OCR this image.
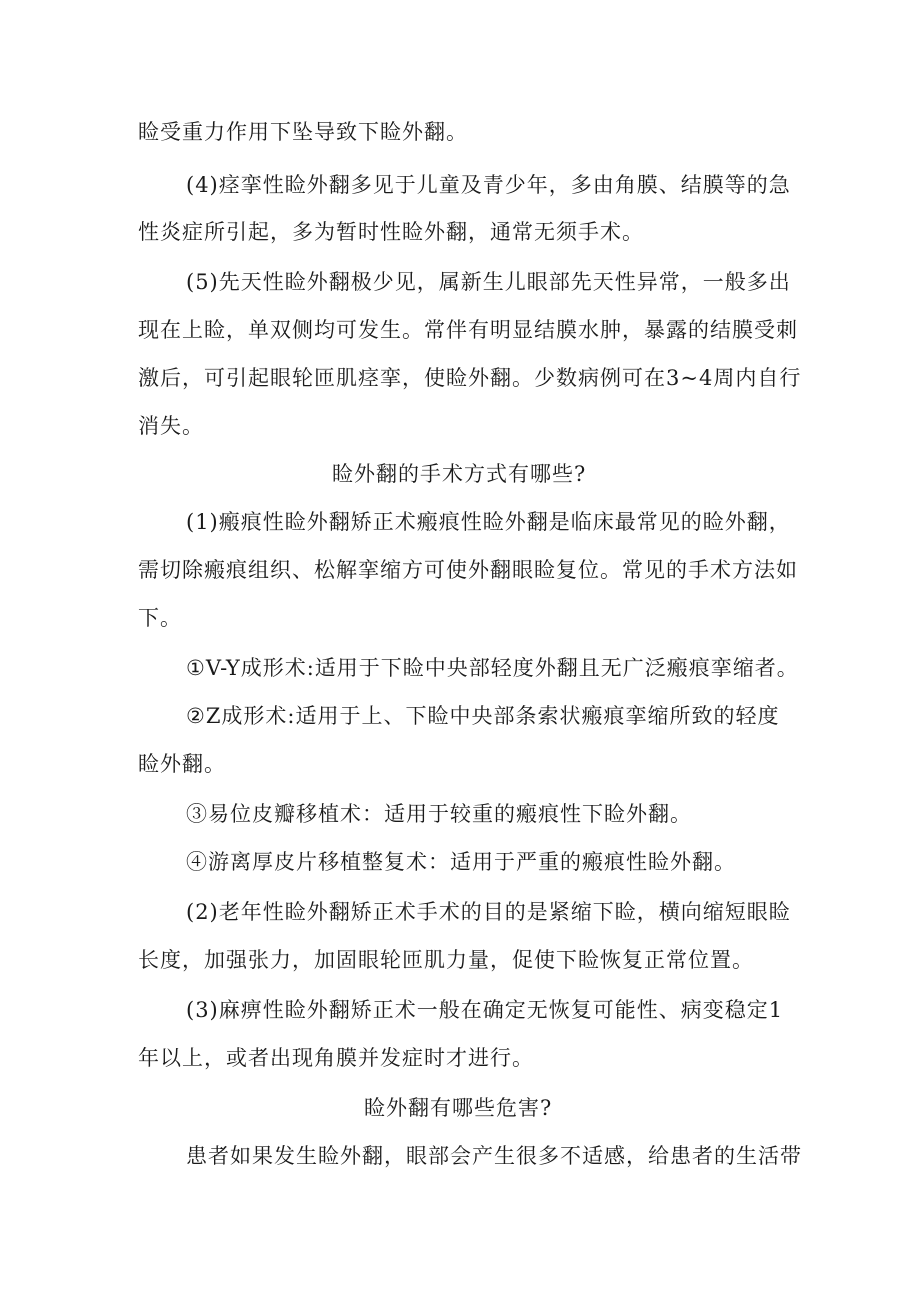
睑受重力作用下坠导致下睑外翻。
(4)痉挛性睑外翻多见于儿童及青少年，多由角膜、结膜等的急
性炎症所引起，多为暂时性睑外翻，通常无须手术。
(5)先天性睑外翻极少见，属新生儿眼部先天性异常，一般多出
现在上睑，单双侧均可发生。常伴有明显结膜水肿，暴露的结膜受刺
激后，可引起眼轮匝肌痉挛，使睑外翻。少数病例可在3~4周内自行
消失。
睑外翻的手术方式有哪些?
(1)瘢痕性睑外翻矫正术瘢痕性睑外翻是临床最常见的睑外翻，
需切除瘢痕组织、松解挛缩方可使外翻眼睑复位。常见的手术方法如
下。
①V-Y成形术:适用于下睑中央部轻度外翻且无广泛瘢痕挛缩者。
②Z成形术:适用于上、下睑中央部条索状瘢痕挛缩所致的轻度
睑外翻。
③易位皮瓣移植术：适用于较重的瘢痕性下睑外翻。
④游离厚皮片移植整复术：适用于严重的瘢痕性睑外翻。
(2)老年性睑外翻矫正术手术的目的是紧缩下睑，横向缩短眼睑
长度，加强张力，加固眼轮匝肌力量，促使下睑恢复正常位置。
(3)麻痹性睑外翻矫正术一般在确定无恢复可能性、病变稳定1
年以上，或者出现角膜并发症时才进行。
睑外翻有哪些危害?
患者如果发生睑外翻，眼部会产生很多不适感，给患者的生活带
